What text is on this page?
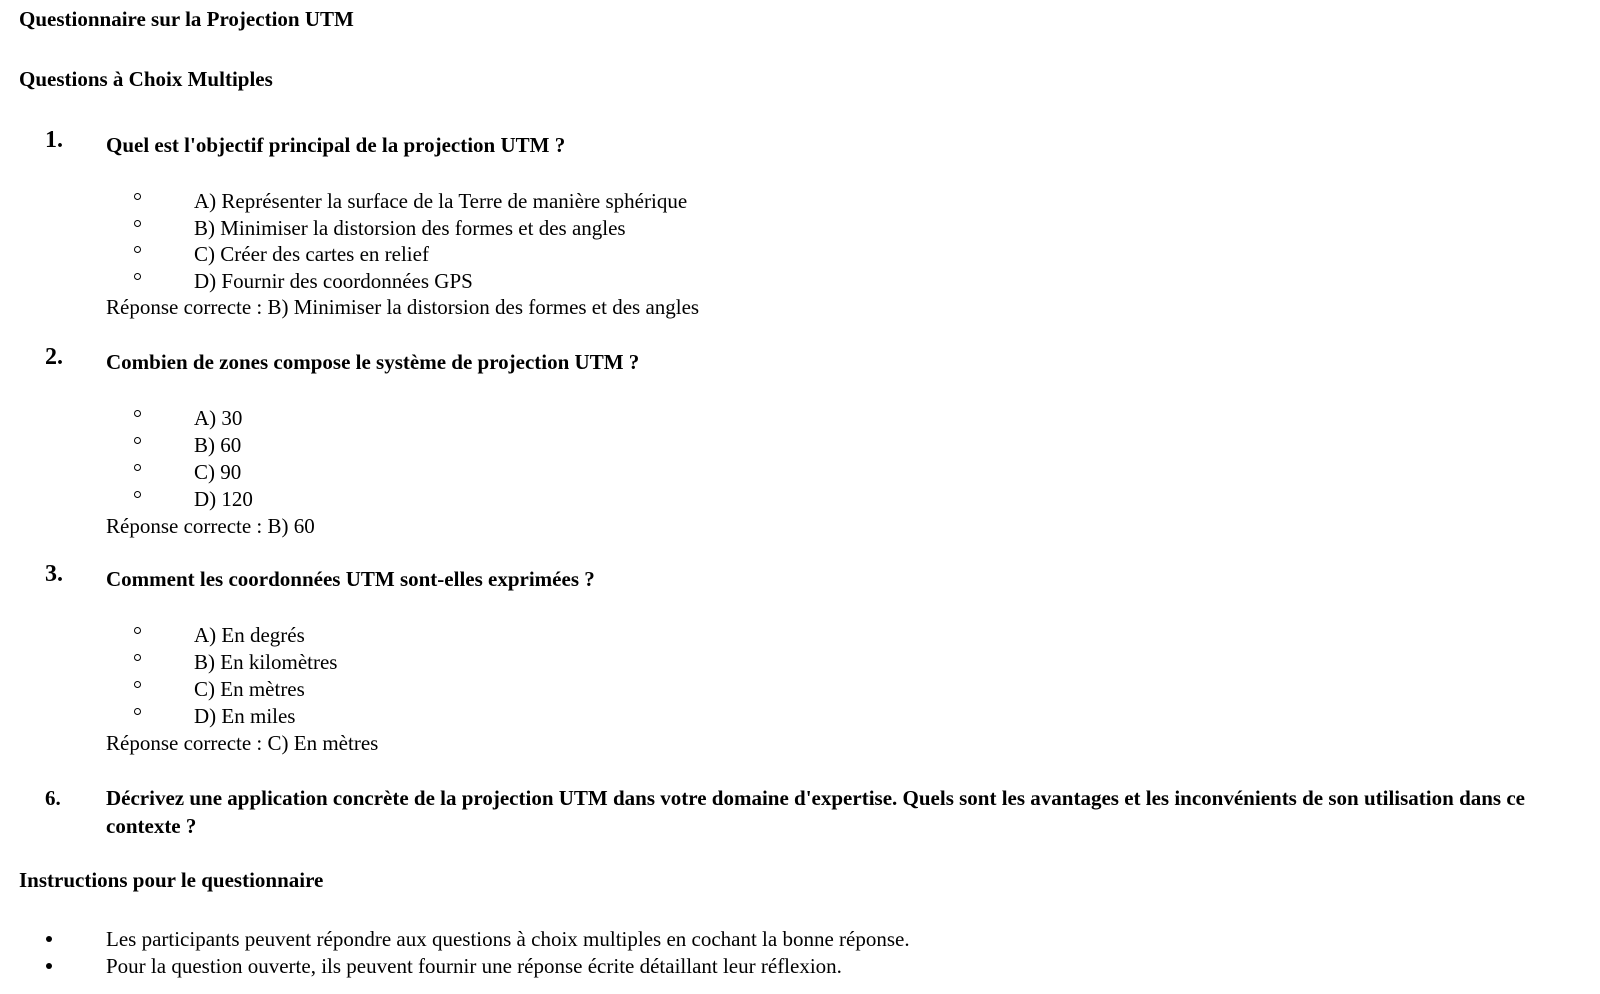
Questionnaire sur la Projection UTM
Questions à Choix Multiples
1. Quel est l'objectif principal de la projection UTM ?
A) Représenter la surface de la Terre de manière sphérique
B) Minimiser la distorsion des formes et des angles
C) Créer des cartes en relief
D) Fournir des coordonnées GPS
Réponse correcte : B) Minimiser la distorsion des formes et des angles
2. Combien de zones compose le système de projection UTM ?
A) 30
B) 60
C) 90
D) 120
Réponse correcte : B) 60
3. Comment les coordonnées UTM sont-elles exprimées ?
A) En degrés
B) En kilomètres
C) En mètres
D) En miles
Réponse correcte : C) En mètres
6. Décrivez une application concrète de la projection UTM dans votre domaine d'expertise. Quels sont les avantages et les inconvénients de son utilisation dans ce contexte ?
Instructions pour le questionnaire
Les participants peuvent répondre aux questions à choix multiples en cochant la bonne réponse.
Pour la question ouverte, ils peuvent fournir une réponse écrite détaillant leur réflexion.
